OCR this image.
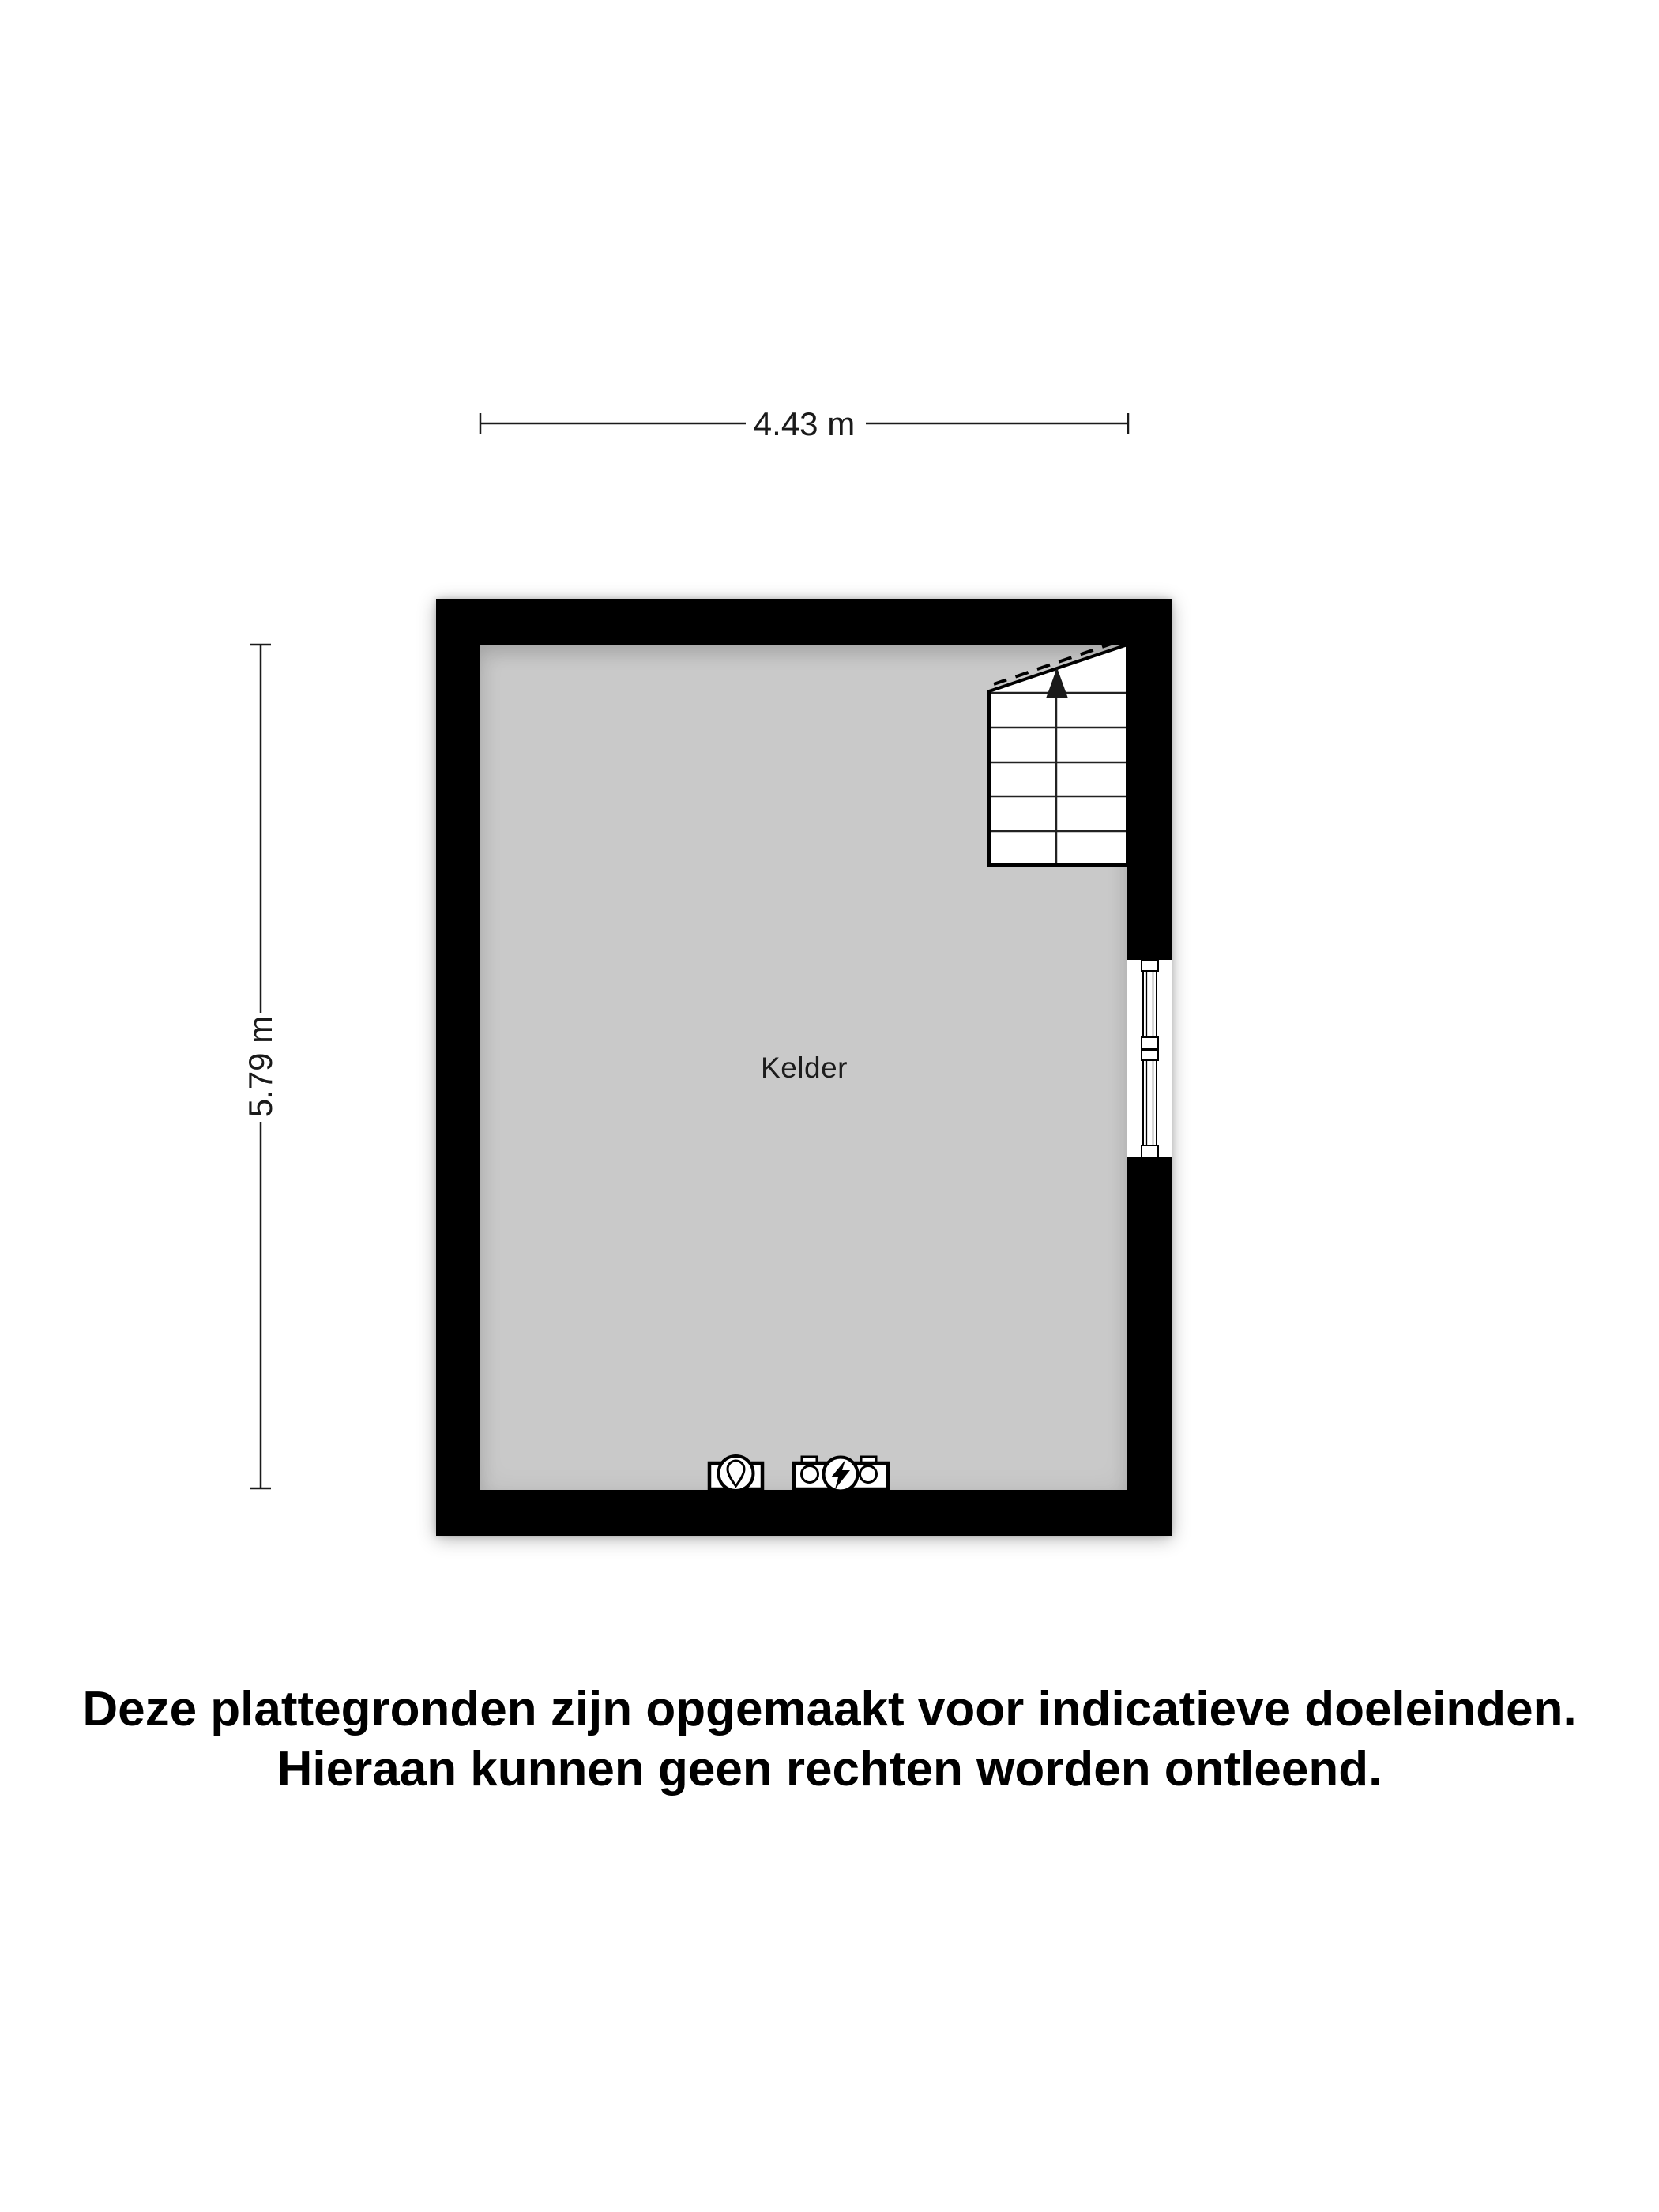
4.43 m
5.79 m	Kelder
Deze plattegronden zijn opgemaakt voor indicatieve doeleinden.
Hieraan kunnen geen rechten worden ontleend.
